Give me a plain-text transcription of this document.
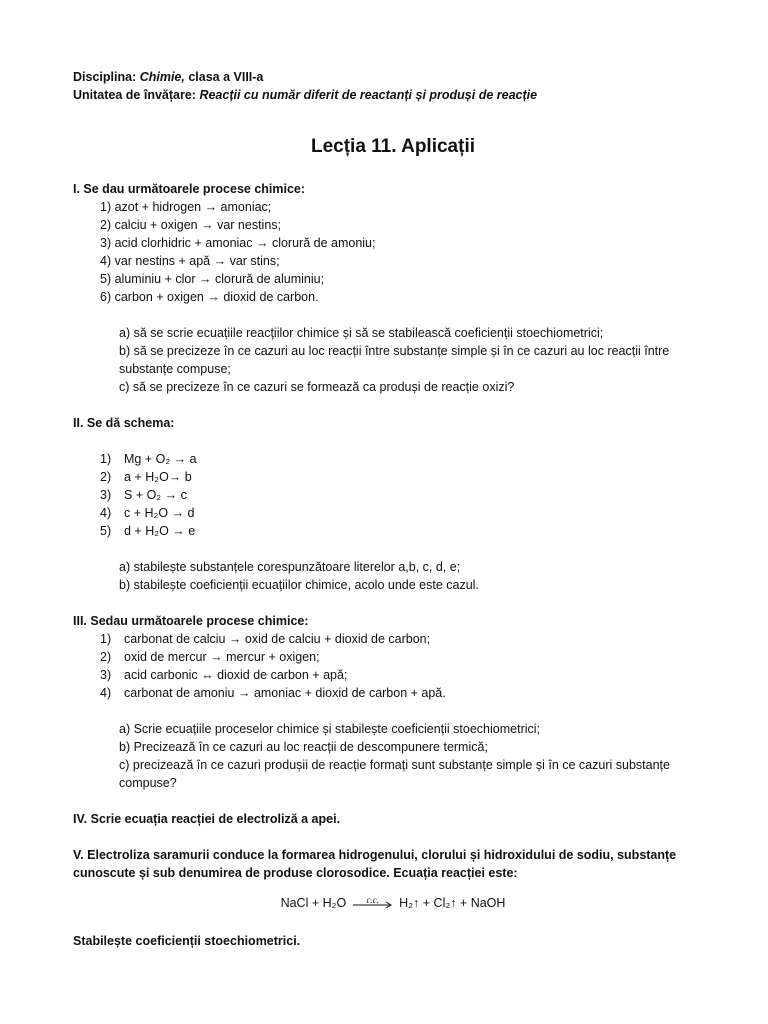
Disciplina: Chimie, clasa a VIII-a
Unitatea de învățare: Reacții cu număr diferit de reactanți și produși de reacție
Lecția 11. Aplicații
I. Se dau următoarele procese chimice:
1) azot + hidrogen → amoniac;
2) calciu + oxigen → var nestins;
3) acid clorhidric + amoniac → clorură de amoniu;
4) var nestins + apă → var stins;
5) aluminiu + clor → clorură de aluminiu;
6) carbon + oxigen → dioxid de carbon.
a) să se scrie ecuațiile reacțiilor chimice și să se stabilească coeficienții stoechiometrici;
b) să se precizeze în ce cazuri au loc reacții între substanțe simple și în ce cazuri au loc reacții între substanțe compuse;
c) să se precizeze în ce cazuri se formează ca produși de reacție oxizi?
II. Se dă schema:
1) Mg + O₂ → a
2) a + H₂O→ b
3) S + O₂ → c
4) c + H₂O → d
5) d + H₂O → e
a) stabilește substanțele corespunzătoare literelor a,b, c, d, e;
b) stabilește coeficienții ecuațiilor chimice, acolo unde este cazul.
III. Sedau următoarele procese chimice:
1) carbonat de calciu → oxid de calciu + dioxid de carbon;
2) oxid de mercur → mercur + oxigen;
3) acid carbonic ↔ dioxid de carbon + apă;
4) carbonat de amoniu → amoniac + dioxid de carbon + apă.
a) Scrie ecuațiile proceselor chimice și stabilește coeficienții stoechiometrici;
b) Precizează în ce cazuri au loc reacții de descompunere termică;
c) precizează în ce cazuri produșii de reacție formați sunt substanțe simple și în ce cazuri substanțe compuse?
IV. Scrie ecuația reacției de electroliză a apei.
V. Electroliza saramurii conduce la formarea hidrogenului, clorului și hidroxidului de sodiu, substanțe cunoscute și sub denumirea de produse clorosodice. Ecuația reacției este:
NaCl + H₂O	c.c.	H₂↑ + Cl₂↑ + NaOH
Stabilește coeficienții stoechiometrici.
